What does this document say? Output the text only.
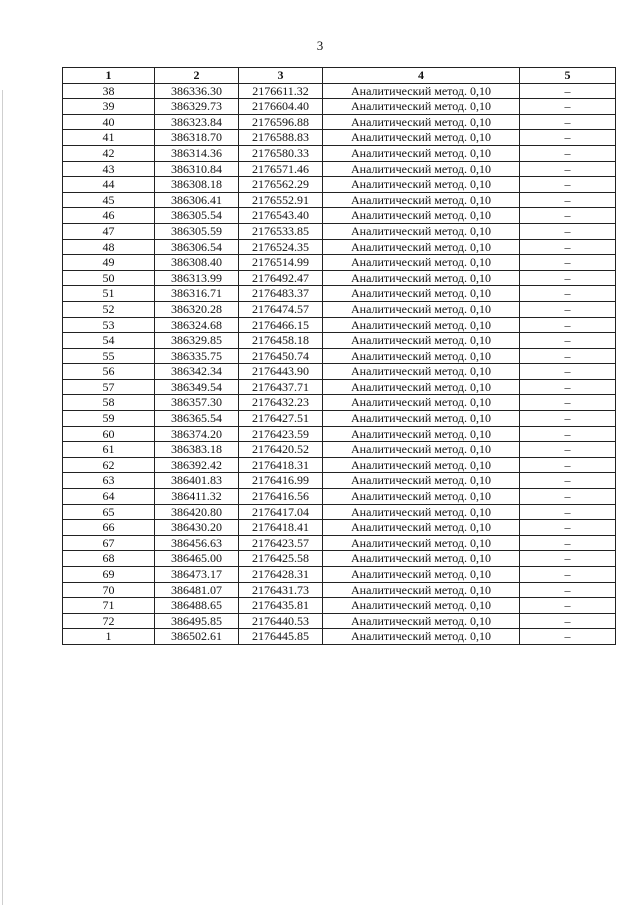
3
1	2	3	4	5
38	386336.30	2176611.32	Аналитический метод. 0,10	–
39	386329.73	2176604.40	Аналитический метод. 0,10	–
40	386323.84	2176596.88	Аналитический метод. 0,10	–
41	386318.70	2176588.83	Аналитический метод. 0,10	–
42	386314.36	2176580.33	Аналитический метод. 0,10	–
43	386310.84	2176571.46	Аналитический метод. 0,10	–
44	386308.18	2176562.29	Аналитический метод. 0,10	–
45	386306.41	2176552.91	Аналитический метод. 0,10	–
46	386305.54	2176543.40	Аналитический метод. 0,10	–
47	386305.59	2176533.85	Аналитический метод. 0,10	–
48	386306.54	2176524.35	Аналитический метод. 0,10	–
49	386308.40	2176514.99	Аналитический метод. 0,10	–
50	386313.99	2176492.47	Аналитический метод. 0,10	–
51	386316.71	2176483.37	Аналитический метод. 0,10	–
52	386320.28	2176474.57	Аналитический метод. 0,10	–
53	386324.68	2176466.15	Аналитический метод. 0,10	–
54	386329.85	2176458.18	Аналитический метод. 0,10	–
55	386335.75	2176450.74	Аналитический метод. 0,10	–
56	386342.34	2176443.90	Аналитический метод. 0,10	–
57	386349.54	2176437.71	Аналитический метод. 0,10	–
58	386357.30	2176432.23	Аналитический метод. 0,10	–
59	386365.54	2176427.51	Аналитический метод. 0,10	–
60	386374.20	2176423.59	Аналитический метод. 0,10	–
61	386383.18	2176420.52	Аналитический метод. 0,10	–
62	386392.42	2176418.31	Аналитический метод. 0,10	–
63	386401.83	2176416.99	Аналитический метод. 0,10	–
64	386411.32	2176416.56	Аналитический метод. 0,10	–
65	386420.80	2176417.04	Аналитический метод. 0,10	–
66	386430.20	2176418.41	Аналитический метод. 0,10	–
67	386456.63	2176423.57	Аналитический метод. 0,10	–
68	386465.00	2176425.58	Аналитический метод. 0,10	–
69	386473.17	2176428.31	Аналитический метод. 0,10	–
70	386481.07	2176431.73	Аналитический метод. 0,10	–
71	386488.65	2176435.81	Аналитический метод. 0,10	–
72	386495.85	2176440.53	Аналитический метод. 0,10	–
1	386502.61	2176445.85	Аналитический метод. 0,10	–
